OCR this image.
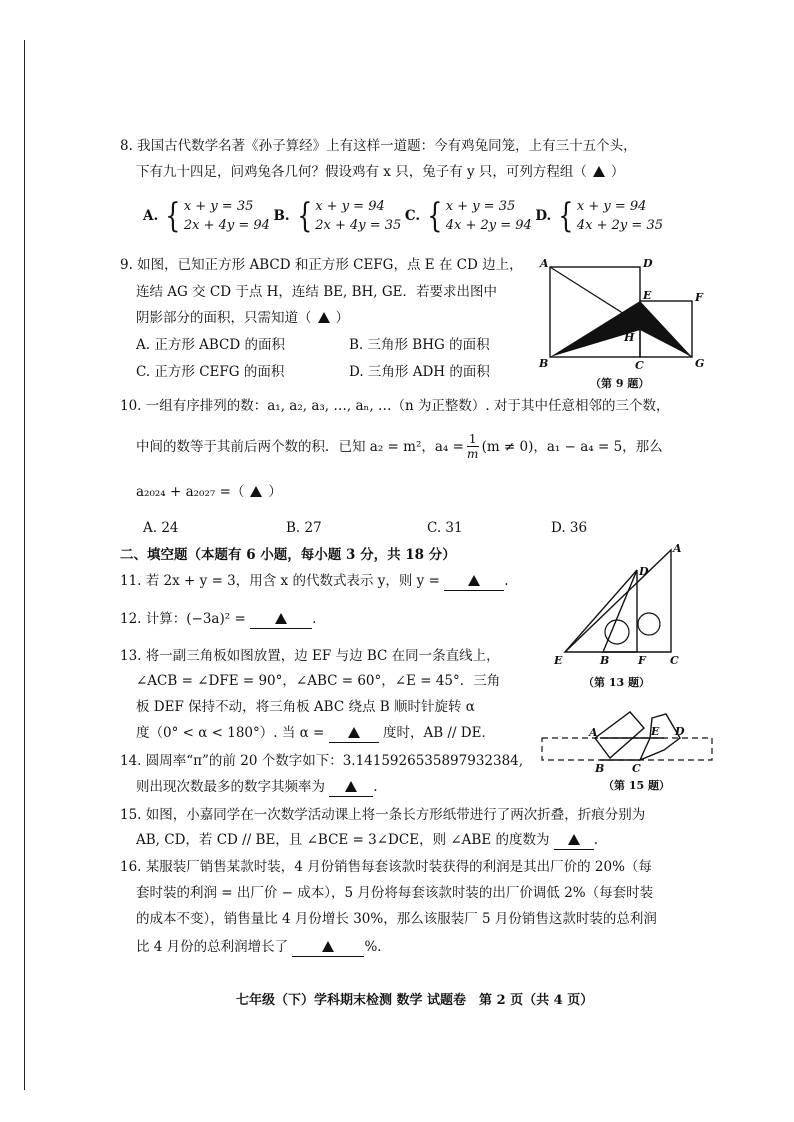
8. 我国古代数学名著《孙子算经》上有这样一道题：今有鸡兔同笼，上有三十五个头，
下有九十四足，问鸡兔各几何？假设鸡有 x 只，兔子有 y 只，可列方程组（ ）
A. { x + y = 35
2x + 4y = 94
B. { x + y = 94
2x + 4y = 35
C. { x + y = 35
4x + 2y = 94
D. { x + y = 94
4x + 2y = 35
9. 如图，已知正方形 ABCD 和正方形 CEFG，点 E 在 CD 边上，
连结 AG 交 CD 于点 H，连结 BE, BH, GE．若要求出图中
阴影部分的面积，只需知道（ ）
A. 正方形 ABCD 的面积	B. 三角形 BHG 的面积
C. 正方形 CEFG 的面积	D. 三角形 ADH 的面积
A	D
E	F
H
B	C	G
（第 9 题）
10. 一组有序排列的数：a₁, a₂, a₃, …, aₙ, …（n 为正整数）. 对于其中任意相邻的三个数，
中间的数等于其前后两个数的积．已知 a₂ = m²，$a_4 = \frac{1}{m} (m \ne 0)$，a₁ − a₄ = 5，那么
a₂₀₂₄ + a₂₀₂₇ =（ ）
A. 24	B. 27	C. 31	D. 36
二、填空题（本题有 6 小题，每小题 3 分，共 18 分）
11. 若 2x + y = 3，用含 x 的代数式表示 y，则 y =	.
12. 计算：(−3a)² =	.
13. 将一副三角板如图放置，边 EF 与边 BC 在同一条直线上，
∠ACB = ∠DFE = 90°，∠ABC = 60°，∠E = 45°．三角
板 DEF 保持不动，将三角板 ABC 绕点 B 顺时针旋转 α
度（0° < α < 180°）. 当 α =	度时，AB // DE．
A
D
E	B	F C
（第 13 题）
14. 圆周率“π”的前 20 个数字如下：3.1415926535897932384,
则出现次数最多的数字其频率为	.
A	E D
B	C
（第 15 题）
15. 如图，小嘉同学在一次数学活动课上将一条长方形纸带进行了两次折叠，折痕分别为
AB, CD，若 CD // BE，且 ∠BCE = 3∠DCE，则 ∠ABE 的度数为	.
16. 某服装厂销售某款时装，4 月份销售每套该款时装获得的利润是其出厂价的 20%（每
套时装的利润 = 出厂价 − 成本），5 月份将每套该款时装的出厂价调低 2%（每套时装
的成本不变），销售量比 4 月份增长 30%，那么该服装厂 5 月份销售这款时装的总利润
比 4 月份的总利润增长了	%．
七年级（下）学科期末检测 数学 试题卷　第 2 页（共 4 页）
